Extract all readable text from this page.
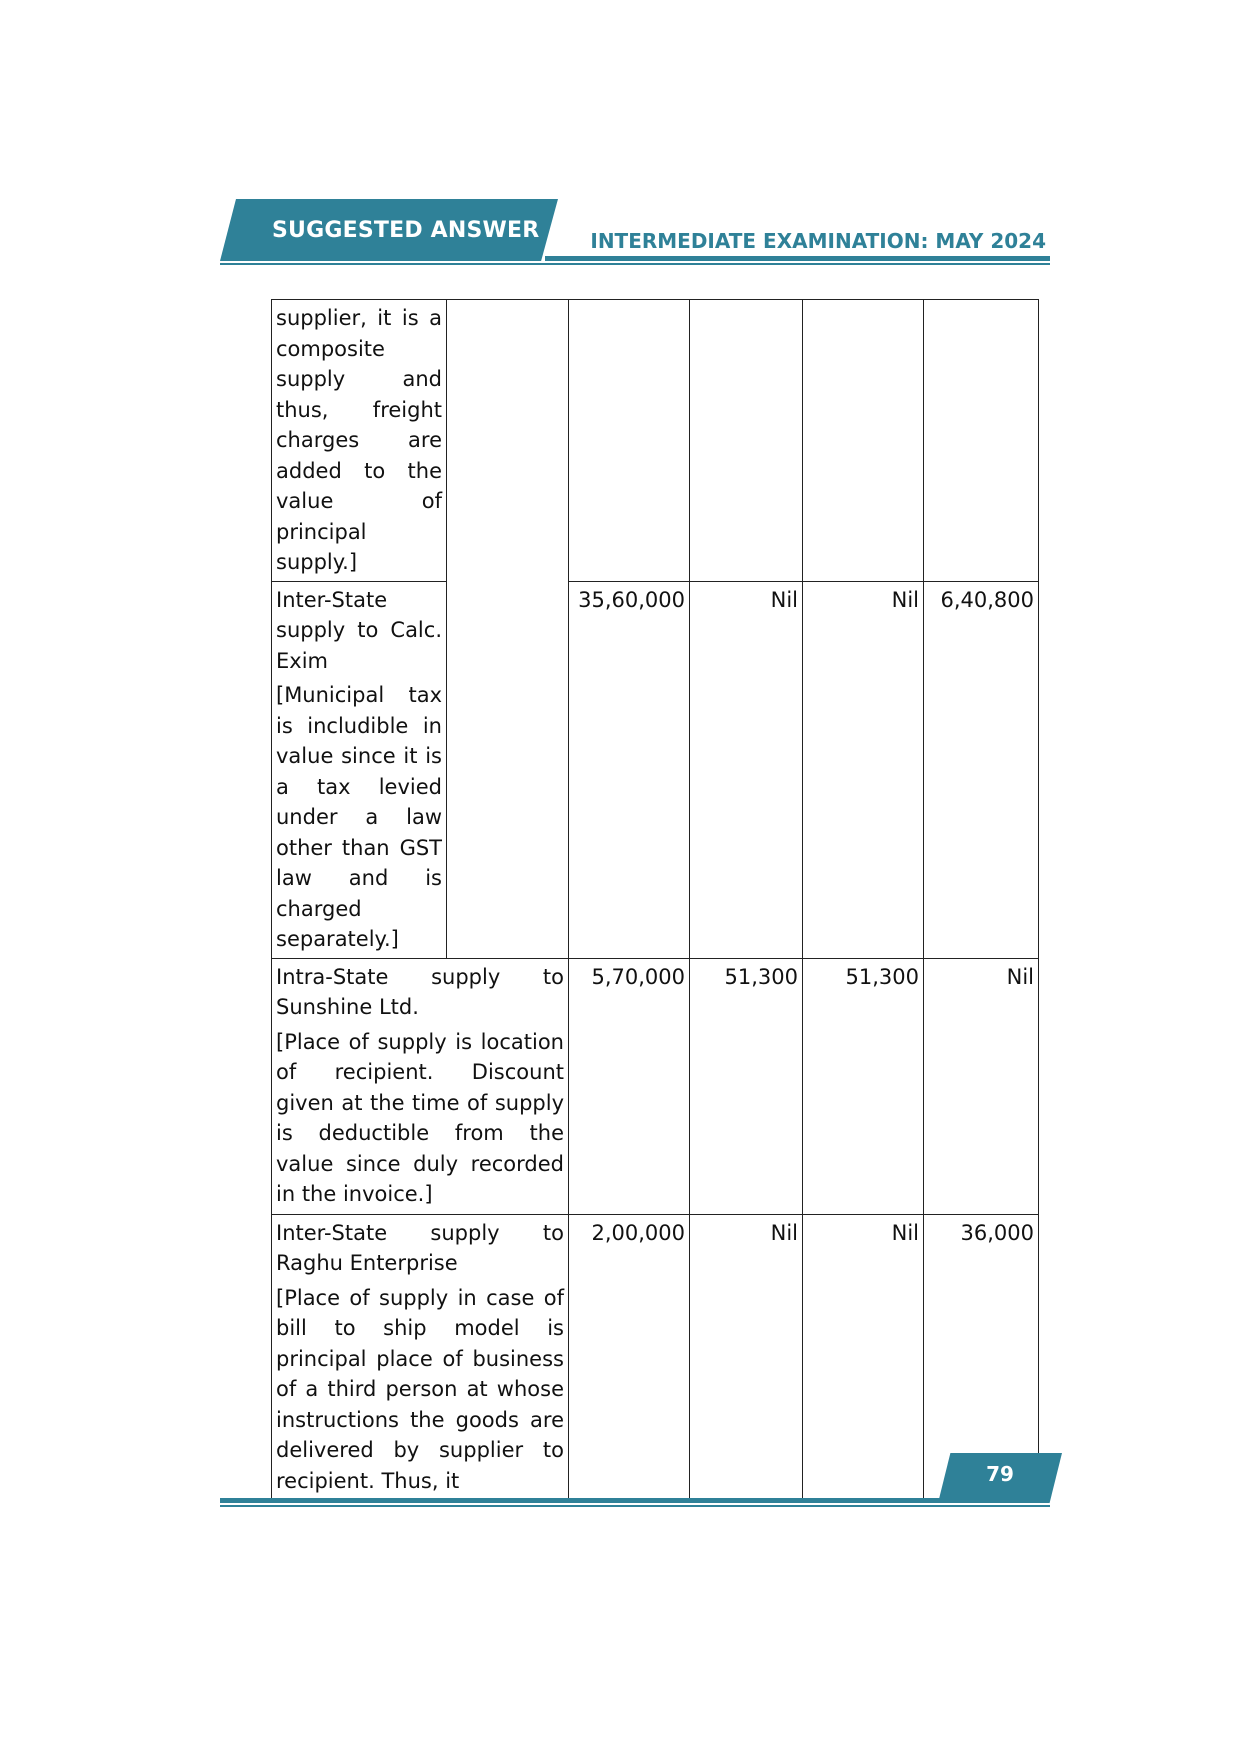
SUGGESTED ANSWER	INTERMEDIATE EXAMINATION: MAY 2024

supplier, it is a composite supply and thus, freight charges are added to the value of principal supply.]					

Inter-State supply to Calc. Exim

[Municipal tax is includible in value since it is a tax levied under a law other than GST law and is charged separately.]		35,60,000	Nil	Nil	6,40,800

Intra-State supply to Sunshine Ltd.

[Place of supply is location of recipient. Discount given at the time of supply is deductible from the value since duly recorded in the invoice.]		5,70,000	51,300	51,300	Nil

Inter-State supply to Raghu Enterprise

[Place of supply in case of bill to ship model is principal place of business of a third person at whose instructions the goods are delivered by supplier to recipient. Thus, it		2,00,000	Nil	Nil	36,000
79
